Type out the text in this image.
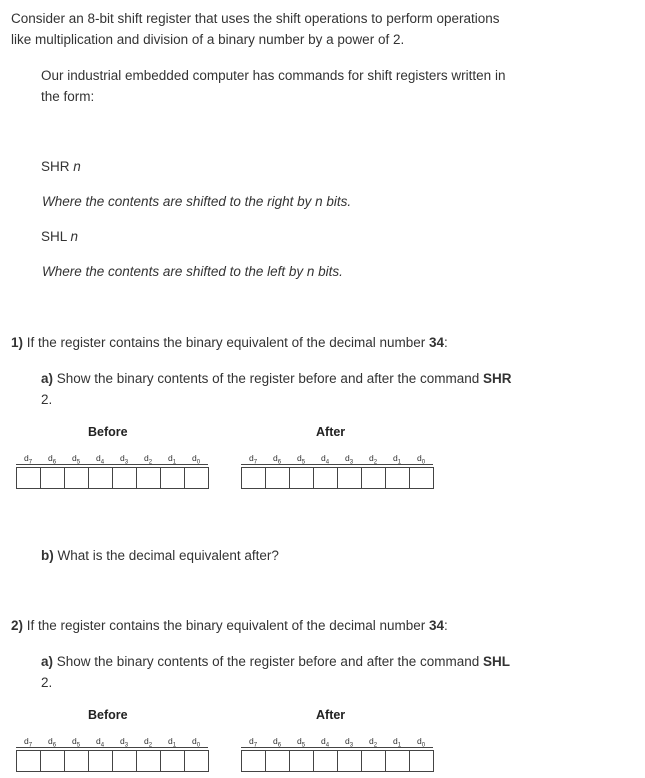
Consider an 8-bit shift register that uses the shift operations to perform operations

like multiplication and division of a binary number by a power of 2.

Our industrial embedded computer has commands for shift registers written in

the form:

SHR n

Where the contents are shifted to the right by n bits.

SHL n

Where the contents are shifted to the left by n bits.

1) If the register contains the binary equivalent of the decimal number 34:

a) Show the binary contents of the register before and after the command SHR
2.

Before
$d_7$	$d_6$	$d_5$	$d_4$	$d_3$	$d_2$	$d_1$	$d_0$
After
$d_7$	$d_6$	$d_5$	$d_4$	$d_3$	$d_2$	$d_1$	$d_0$

b) What is the decimal equivalent after?

2) If the register contains the binary equivalent of the decimal number 34:

a) Show the binary contents of the register before and after the command SHL
2.

Before
$d_7$	$d_6$	$d_5$	$d_4$	$d_3$	$d_2$	$d_1$	$d_0$
After
$d_7$	$d_6$	$d_5$	$d_4$	$d_3$	$d_2$	$d_1$	$d_0$
